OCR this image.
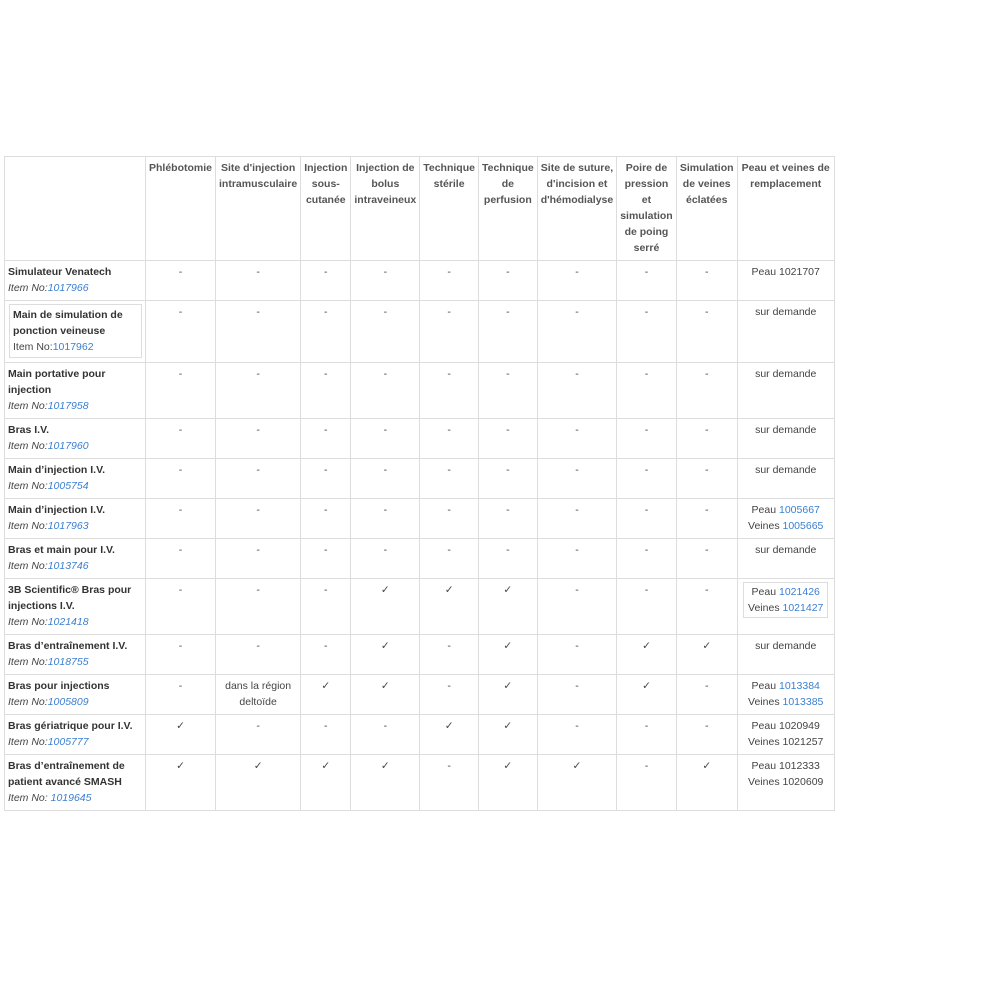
	Phlébotomie	Site d'injection intramusculaire	Injection sous-cutanée	Injection de bolus intraveineux	Technique stérile	Technique de perfusion	Site de suture, d'incision et d'hémodialyse	Poire de pression et simulation de poing serré	Simulation de veines éclatées	Peau et veines de remplacement

Simulateur Venatech
Item No:1017966	-	-	-	-	-	-	-	-	-	Peau 1021707

Main de simulation de ponction veineuse
Item No:1017962	-	-	-	-	-	-	-	-	-	sur demande

Main portative pour injection
Item No:1017958	-	-	-	-	-	-	-	-	-	sur demande

Bras I.V.
Item No:1017960	-	-	-	-	-	-	-	-	-	sur demande

Main d’injection I.V.
Item No:1005754	-	-	-	-	-	-	-	-	-	sur demande

Main d’injection I.V.
Item No:1017963	-	-	-	-	-	-	-	-	-	Peau 1005667
Veines 1005665

Bras et main pour I.V.
Item No:1013746	-	-	-	-	-	-	-	-	-	sur demande

3B Scientific® Bras pour injections I.V.
Item No:1021418	-	-	-	✓	✓	✓	-	-	-	Peau 1021426
Veines 1021427

Bras d’entraînement I.V.
Item No:1018755	-	-	-	✓	-	✓	-	✓	✓	sur demande

Bras pour injections
Item No:1005809	-	dans la région deltoïde	✓	✓	-	✓	-	✓	-	Peau 1013384
Veines 1013385

Bras gériatrique pour I.V.
Item No:1005777	✓	-	-	-	✓	✓	-	-	-	Peau 1020949
Veines 1021257

Bras d’entraînement de patient avancé SMASH
Item No: 1019645	✓	✓	✓	✓	-	✓	✓	-	✓	Peau 1012333
Veines 1020609
